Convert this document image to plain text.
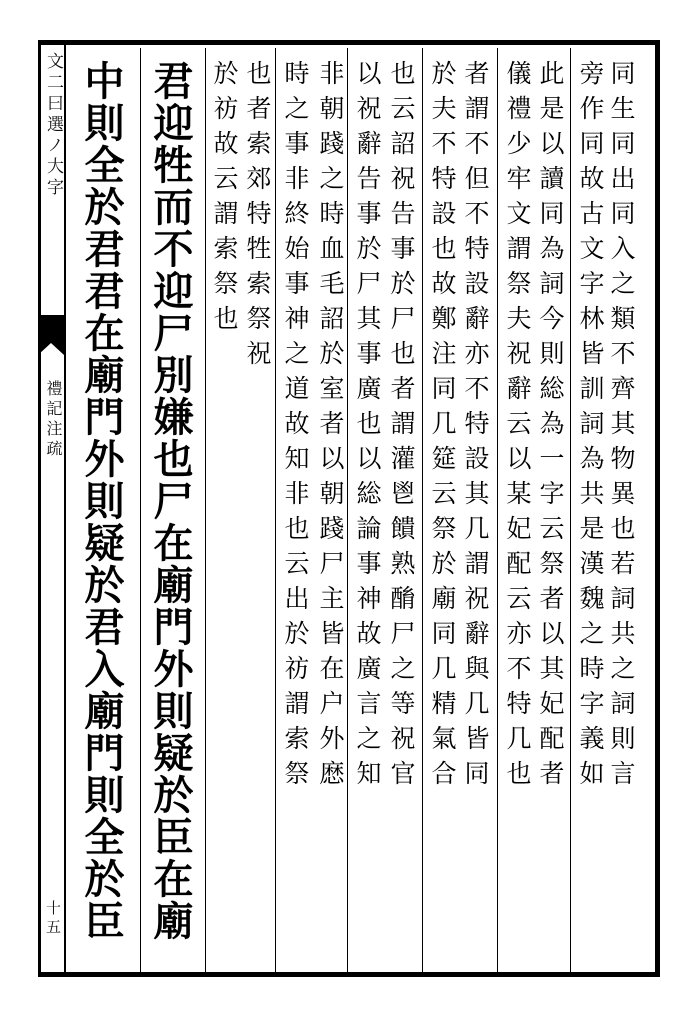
文二曰選ノ大字
禮記注疏
十五
同生同出同入之類不齊其物異也若詞共之詞則言
旁作同故古文字林皆訓詞為共是漢魏之時字義如
此是以讀同為詞今則総為一字云祭者以其妃配者
儀禮少牢文謂祭夫祝辭云以某妃配云亦不特几也
者謂不但不特設辭亦不特設其几謂祝辭與几皆同
於夫不特設也故鄭注同几筵云祭於廟同几精氣合
也云詔祝告事於尸也者謂灌鬯饋熟酳尸之等祝官
以祝辭告事於尸其事廣也以総論事神故廣言之知
非朝踐之時血毛詔於室者以朝踐尸主皆在户外㦄
時之事非終始事神之道故知非也云出於祊謂索祭
也者索郊特牲索祭祝
於祊故云謂索祭也
君迎牲而不迎尸別嫌也尸在廟門外則疑於臣在廟
中則全於君君在廟門外則疑於君入廟門則全於臣
